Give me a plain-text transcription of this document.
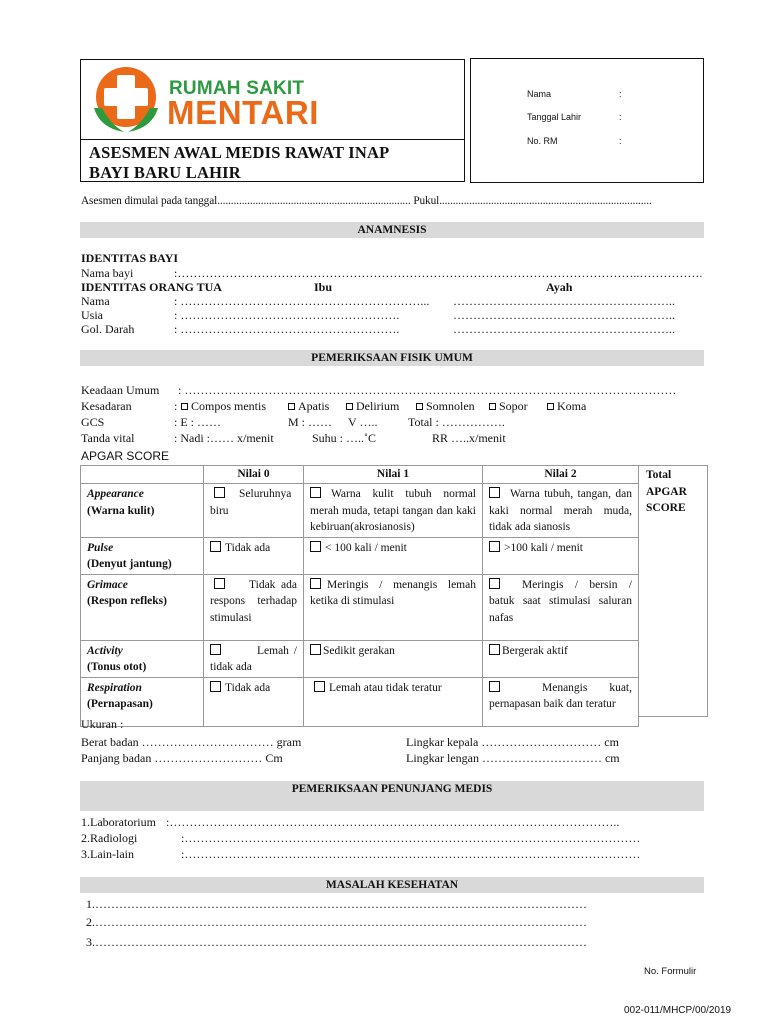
RUMAH SAKIT
MENTARI
ASESMEN AWAL MEDIS RAWAT INAP
BAYI BARU LAHIR
Nama	:
Tanggal Lahir	:
No. RM	:
Asesmen dimulai pada tanggal....................................................................... Pukul..............................................................................
ANAMNESIS
IDENTITAS BAYI
Nama bayi	:……………………………………………………………………………………………………..…………….
IDENTITAS ORANG TUA	Ibu	Ayah
Nama	: ……………………………………………………... ………………………………………………..
Usia	: ……………………………………………….	………………………………………………..
Gol. Darah	: ……………………………………………….	………………………………………………..
PEMERIKSAAN FISIK UMUM
Keadaan Umum : ……………………………………………………………………………………………………………
Kesadaran	:	Compos mentis	Apatis	Delirium	Somnolen	Sopor	Koma
GCS	: E : ……	M : …… V …..	Total : …………….
Tanda vital	: Nadi :…… x/menit	Suhu : …..˚C	RR …..x/menit
APGAR SCORE
	Nilai 0	Nilai 1	Nilai 2
Appearance
(Warna kulit)	Seluruhnya biru	Warna kulit tubuh normal merah muda, tetapi tangan dan kaki kebiruan(akrosianosis)	Warna tubuh, tangan, dan kaki normal merah muda, tidak ada sianosis
Pulse
(Denyut jantung)	Tidak ada	< 100 kali / menit	>100 kali / menit
Grimace
(Respon refleks)	Tidak ada respons terhadap stimulasi	Meringis / menangis lemah ketika di stimulasi	Meringis / bersin / batuk saat stimulasi saluran nafas
Activity
(Tonus otot)	Lemah / tidak ada	Sedikit gerakan	Bergerak aktif
Respiration
(Pernapasan)	Tidak ada	Lemah atau tidak teratur	Menangis kuat, pernapasan baik dan teratur
Total
APGAR
SCORE
Ukuran :
Berat badan …………………………… gram	Lingkar kepala ………………………… cm
Panjang badan ……………………… Cm	Lingkar lengan ………………………… cm
PEMERIKSAAN PENUNJANG MEDIS
1.Laboratorium :…………………………………………………………………………………………………..
2.Radiologi	:……………………………………………………………………………………………………
3.Lain-lain	:……………………………………………………………………………………………………
MASALAH KESEHATAN
1.……………………………………………………………………………………………………………
2.……………………………………………………………………………………………………………
3.……………………………………………………………………………………………………………
No. Formulir
002-011/MHCP/00/2019
